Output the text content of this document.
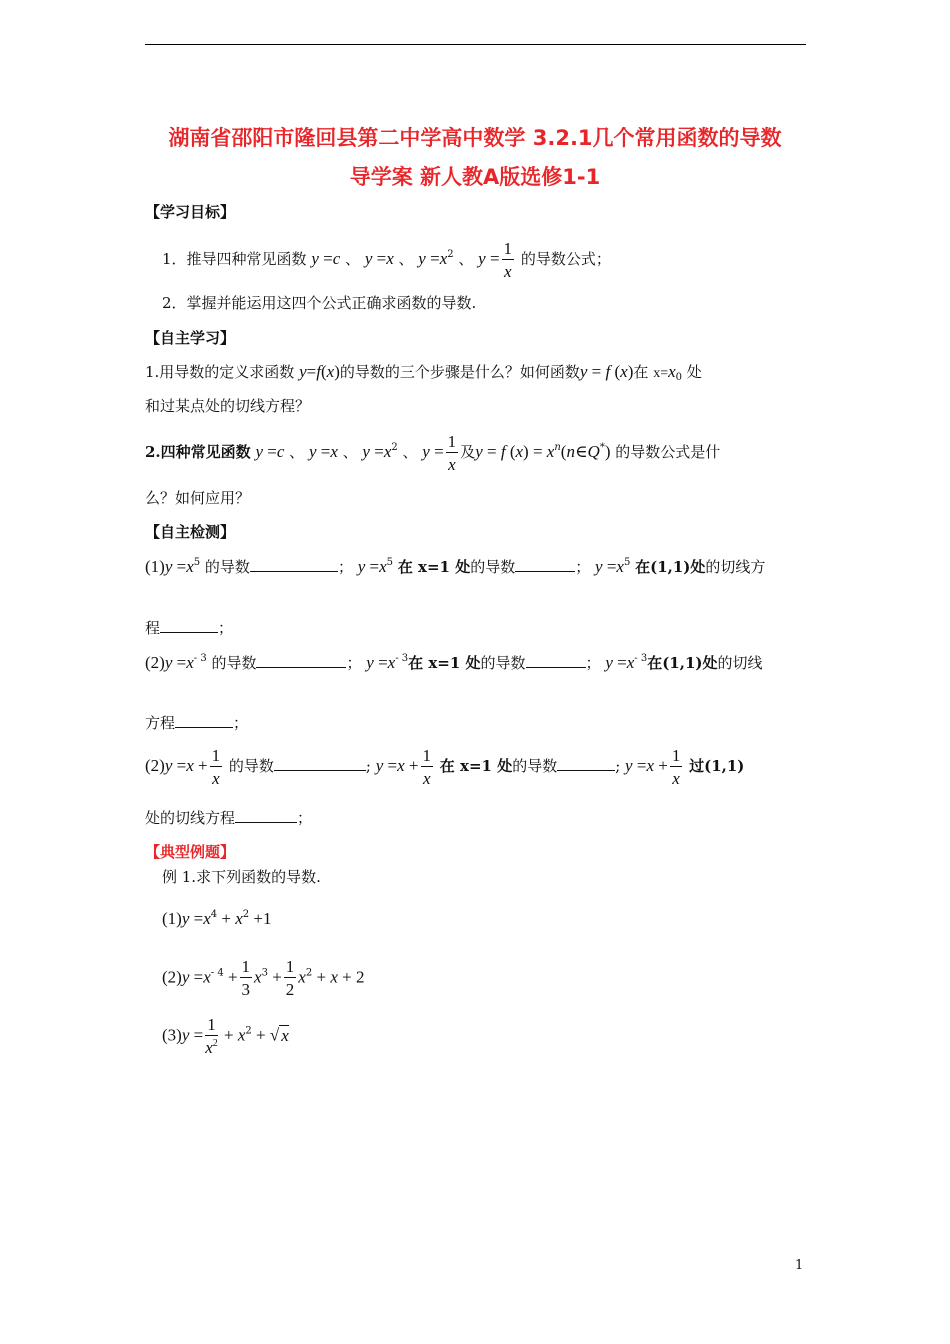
湖南省邵阳市隆回县第二中学高中数学 3.2.1几个常用函数的导数
导学案 新人教A版选修1-1
【学习目标】
1．推导四种常见函数 y =c 、 y =x 、 $y =x^2$ 、 $y = \frac{1}{x}$ 的导数公式；
2．掌握并能运用这四个公式正确求函数的导数.
【自主学习】
1.用导数的定义求函数 y=f(x)的导数的三个步骤是什么？如何函数y = f (x)在 $x=x_0$ 处
和过某点处的切线方程？
2.四种常见函数 y =c 、 y =x 、 $y =x^2$ 、 $y = \frac{1}{x}$ 及y = f $(x) = x^n(n\in Q^*)$ 的导数公式是什
么？如何应用？
【自主检测】
$(1)y =x^5$ 的导数	； $y =x^5$ 在 x=1 处的导数	； $y =x^5$ 在(1,1)处的切线方
程	；
$(2)y =x^{- 3}$ 的导数	； $y =x^{- 3}$在 x=1 处的导数	； $y =x^{- 3}$在(1,1)处的切线
方程	；
$(2)y =x + \frac{1}{x}$ 的导数	; $y =x + \frac{1}{x}$ 在 x=1 处的导数	; $y =x + \frac{1}{x}$ 过(1,1)
处的切线方程	；
【典型例题】
例 1.求下列函数的导数.
$(1)y =x^4 + x^2 +1$
$(2)y =x^{- 4} + \frac{1}{3} x^3 + \frac{1}{2} x^2 + x + 2$
$(3)y = \frac{1}{x^2} + x^2$ + √ x
1
